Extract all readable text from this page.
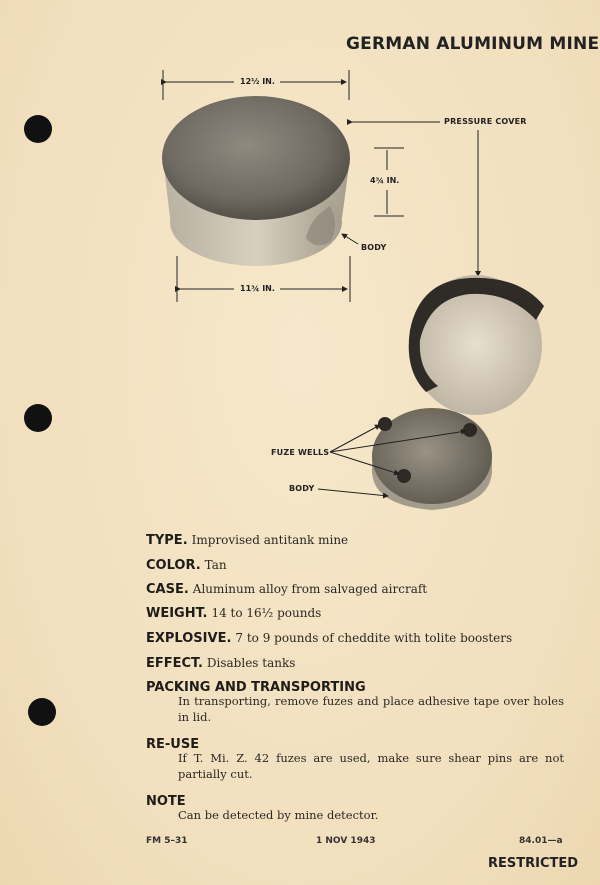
GERMAN ALUMINUM MINE
12½ IN.
4¾ IN.
11¾ IN.
PRESSURE COVER
BODY
FUZE WELLS
BODY
TYPE. Improvised antitank mine
COLOR. Tan
CASE. Aluminum alloy from salvaged aircraft
WEIGHT. 14 to 16½ pounds
EXPLOSIVE. 7 to 9 pounds of cheddite with tolite boosters
EFFECT. Disables tanks
PACKING AND TRANSPORTING
In transporting, remove fuzes and place adhesive tape over holes in lid.
RE-USE
If T. Mi. Z. 42 fuzes are used, make sure shear pins are not partially cut.
NOTE
Can be detected by mine detector.
FM 5–31	1 NOV 1943	84.01—a
RESTRICTED
